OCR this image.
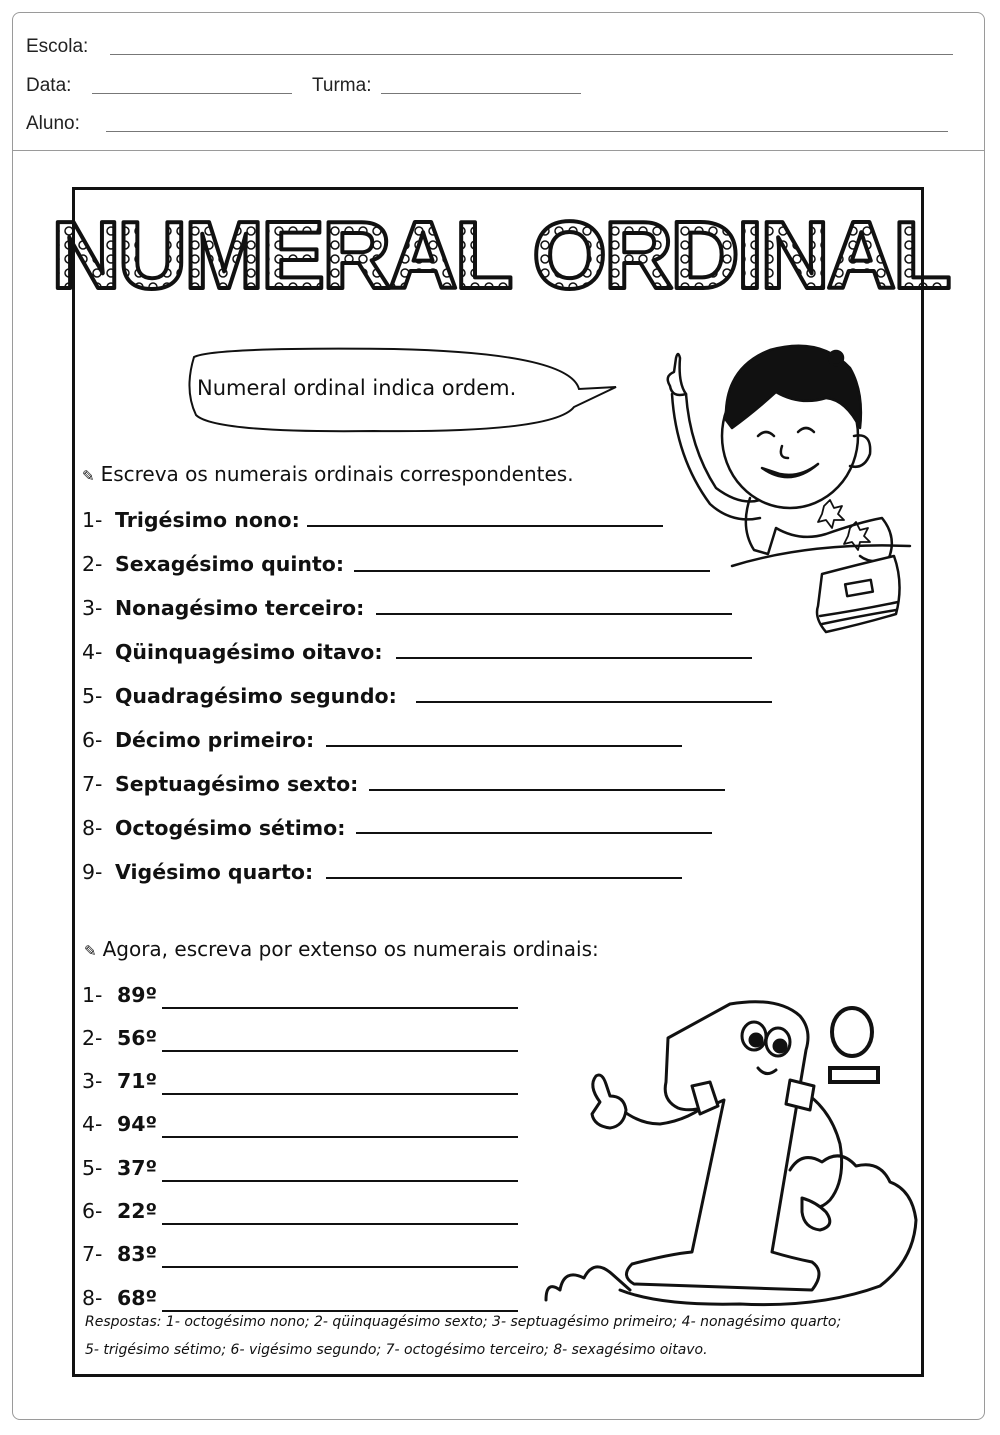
Escola:
Data:	Turma:
Aluno:
NUMERAL ORDINAL
Numeral ordinal indica ordem.
✎ Escreva os numerais ordinais correspondentes.
1- Trigésimo nono:
2- Sexagésimo quinto:
3- Nonagésimo terceiro:
4- Qüinquagésimo oitavo:
5- Quadragésimo segundo:
6- Décimo primeiro:
7- Septuagésimo sexto:
8- Octogésimo sétimo:
9- Vigésimo quarto:
✎ Agora, escreva por extenso os numerais ordinais:
1- 89º
2- 56º
3- 71º
4- 94º
5- 37º
6- 22º
7- 83º
8- 68º
Respostas: 1- octogésimo nono; 2- qüinquagésimo sexto; 3- septuagésimo primeiro; 4- nonagésimo quarto;
5- trigésimo sétimo; 6- vigésimo segundo; 7- octogésimo terceiro; 8- sexagésimo oitavo.
